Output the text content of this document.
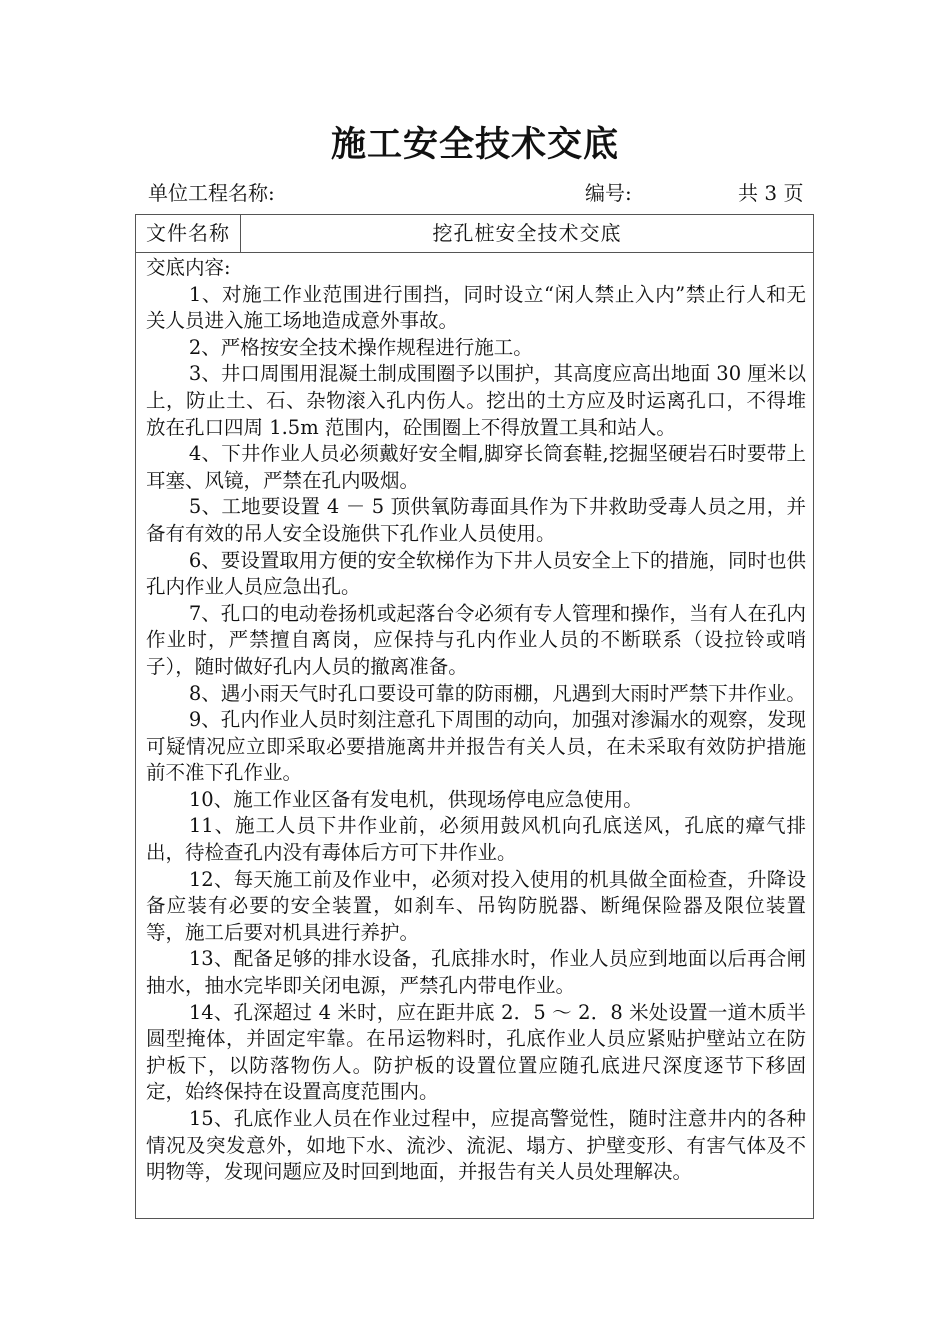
施工安全技术交底
单位工程名称:	编号:	共 3 页
文件名称	挖孔桩安全技术交底

交底内容:

1、对施工作业范围进行围挡，同时设立“闲人禁止入内”禁止行人和无关人员进入施工场地造成意外事故。

2、严格按安全技术操作规程进行施工。

3、井口周围用混凝土制成围圈予以围护，其高度应高出地面 30 厘米以上，防止土、石、杂物滚入孔内伤人。挖出的土方应及时运离孔口，不得堆放在孔口四周 1.5m 范围内，砼围圈上不得放置工具和站人。

4、下井作业人员必须戴好安全帽,脚穿长筒套鞋,挖掘坚硬岩石时要带上耳塞、风镜，严禁在孔内吸烟。

5、工地要设置 4 － 5 顶供氧防毒面具作为下井救助受毒人员之用，并备有有效的吊人安全设施供下孔作业人员使用。

6、要设置取用方便的安全软梯作为下井人员安全上下的措施，同时也供孔内作业人员应急出孔。

7、孔口的电动卷扬机或起落台令必须有专人管理和操作，当有人在孔内作业时，严禁擅自离岗，应保持与孔内作业人员的不断联系（设拉铃或哨子），随时做好孔内人员的撤离准备。

8、遇小雨天气时孔口要设可靠的防雨棚，凡遇到大雨时严禁下井作业。

9、孔内作业人员时刻注意孔下周围的动向，加强对渗漏水的观察，发现可疑情况应立即采取必要措施离井并报告有关人员，在未采取有效防护措施前不准下孔作业。

10、施工作业区备有发电机，供现场停电应急使用。

11、施工人员下井作业前，必须用鼓风机向孔底送风，孔底的瘴气排出，待检查孔内没有毒体后方可下井作业。

12、每天施工前及作业中，必须对投入使用的机具做全面检查，升降设备应装有必要的安全装置，如刹车、吊钩防脱器、断绳保险器及限位装置等，施工后要对机具进行养护。

13、配备足够的排水设备，孔底排水时，作业人员应到地面以后再合闸抽水，抽水完毕即关闭电源，严禁孔内带电作业。

14、孔深超过 4 米时，应在距井底 2．5 ～ 2．8 米处设置一道木质半圆型掩体，并固定牢靠。在吊运物料时，孔底作业人员应紧贴护壁站立在防护板下，以防落物伤人。防护板的设置位置应随孔底进尺深度逐节下移固定，始终保持在设置高度范围内。

15、孔底作业人员在作业过程中，应提高警觉性，随时注意井内的各种情况及突发意外，如地下水、流沙、流泥、塌方、护壁变形、有害气体及不明物等，发现问题应及时回到地面，并报告有关人员处理解决。
